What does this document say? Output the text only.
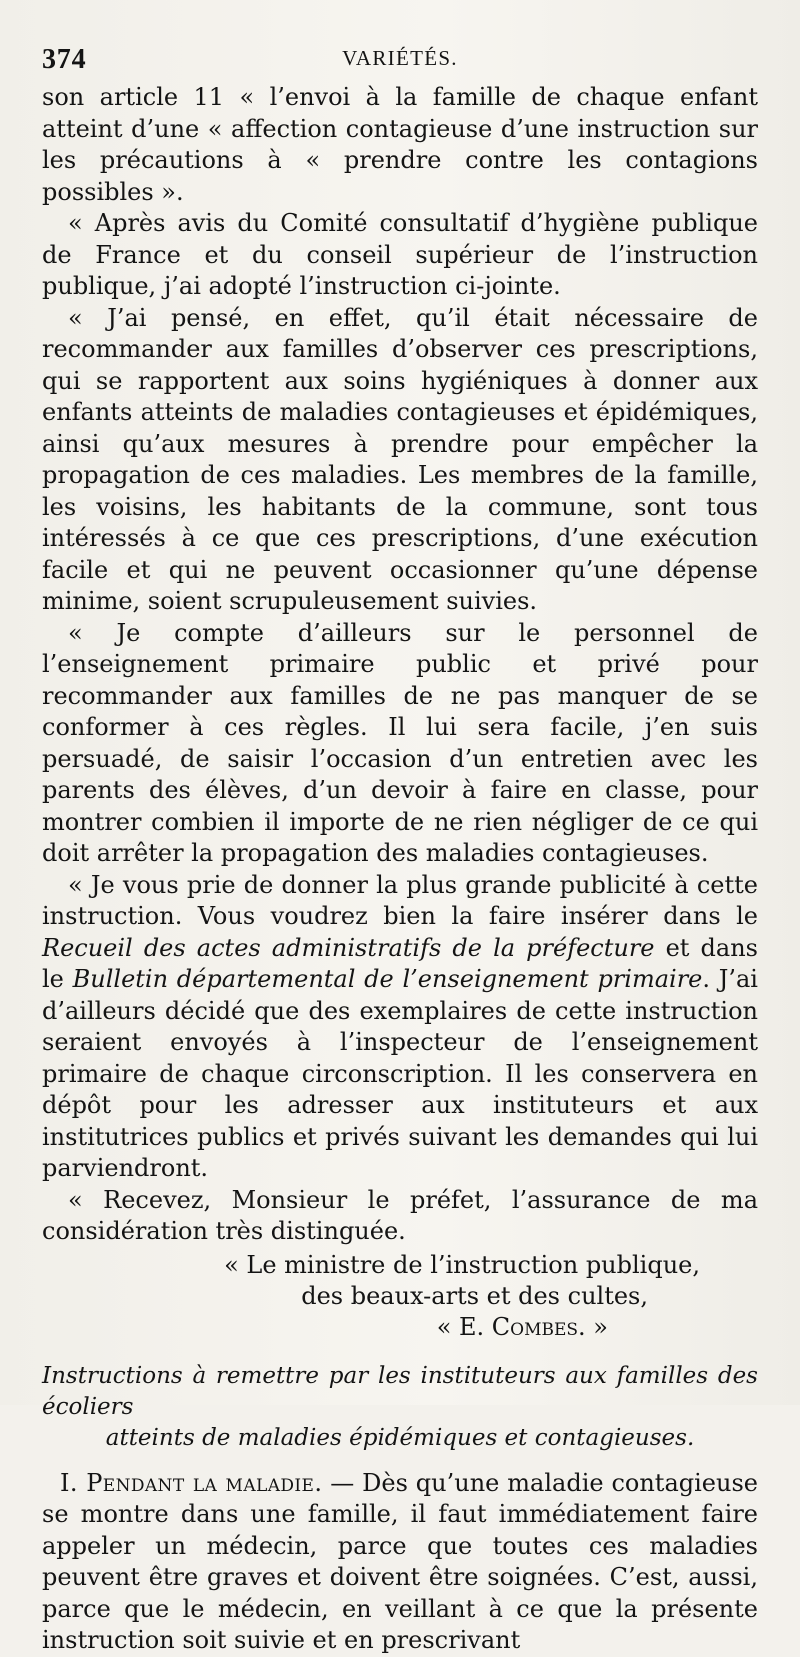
374	VARIÉTÉS.

son article 11 « l’envoi à la famille de chaque enfant atteint d’une « affection contagieuse d’une instruction sur les précautions à « prendre contre les contagions possibles ».

« Après avis du Comité consultatif d’hygiène publique de France et du conseil supérieur de l’instruction publique, j’ai adopté l’instruction ci-jointe.

« J’ai pensé, en effet, qu’il était nécessaire de recommander aux familles d’observer ces prescriptions, qui se rapportent aux soins hygiéniques à donner aux enfants atteints de maladies contagieuses et épidémiques, ainsi qu’aux mesures à prendre pour empêcher la propagation de ces maladies. Les membres de la famille, les voisins, les habitants de la commune, sont tous intéressés à ce que ces prescriptions, d’une exécution facile et qui ne peuvent occasionner qu’une dépense minime, soient scrupuleusement suivies.

« Je compte d’ailleurs sur le personnel de l’enseignement primaire public et privé pour recommander aux familles de ne pas manquer de se conformer à ces règles. Il lui sera facile, j’en suis persuadé, de saisir l’occasion d’un entretien avec les parents des élèves, d’un devoir à faire en classe, pour montrer combien il importe de ne rien négliger de ce qui doit arrêter la propagation des maladies contagieuses.

« Je vous prie de donner la plus grande publicité à cette instruction. Vous voudrez bien la faire insérer dans le Recueil des actes administratifs de la préfecture et dans le Bulletin départemental de l’enseignement primaire. J’ai d’ailleurs décidé que des exemplaires de cette instruction seraient envoyés à l’inspecteur de l’enseignement primaire de chaque circonscription. Il les conservera en dépôt pour les adresser aux instituteurs et aux institutrices publics et privés suivant les demandes qui lui parviendront.

« Recevez, Monsieur le préfet, l’assurance de ma considération très distinguée.

« Le ministre de l’instruction publique,
des beaux-arts et des cultes,
« E. Combes. »
Instructions à remettre par les instituteurs aux familles des écoliers
atteints de maladies épidémiques et contagieuses.

I. Pendant la maladie. — Dès qu’une maladie contagieuse se montre dans une famille, il faut immédiatement faire appeler un médecin, parce que toutes ces maladies peuvent être graves et doivent être soignées. C’est, aussi, parce que le médecin, en veillant à ce que la présente instruction soit suivie et en prescrivant
